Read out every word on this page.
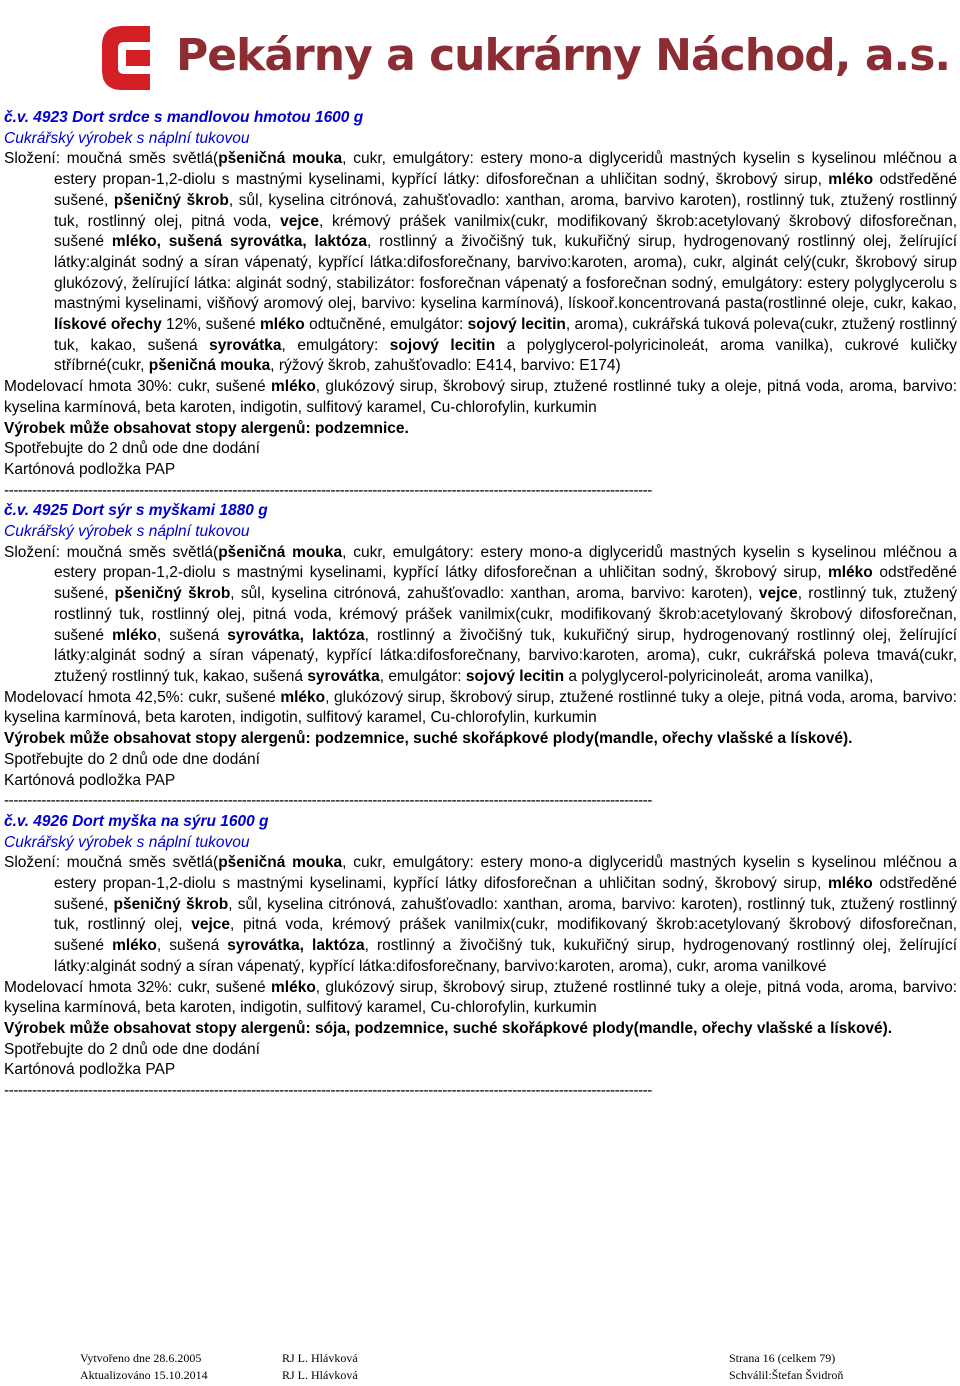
Pekárny a cukrárny Náchod, a.s.
č.v. 4923 Dort srdce s mandlovou hmotou 1600 g
Cukrářský výrobek s náplní tukovou
Složení: moučná směs světlá(pšeničná mouka, cukr, emulgátory: estery mono-a diglyceridů mastných kyselin s kyselinou mléčnou a estery propan-1,2-diolu s mastnými kyselinami, kypřící látky: difosforečnan a uhličitan sodný, škrobový sirup, mléko odstředěné sušené, pšeničný škrob, sůl, kyselina citrónová, zahušťovadlo: xanthan, aroma, barvivo karoten), rostlinný tuk, ztužený rostlinný tuk, rostlinný olej, pitná voda, vejce, krémový prášek vanilmix(cukr, modifikovaný škrob:acetylovaný škrobový difosforečnan, sušené mléko, sušená syrovátka, laktóza, rostlinný a živočišný tuk, kukuřičný sirup, hydrogenovaný rostlinný olej, želírující látky:alginát sodný a síran vápenatý, kypřící látka:difosforečnany, barvivo:karoten, aroma), cukr, alginát celý(cukr, škrobový sirup glukózový, želírující látka: alginát sodný, stabilizátor: fosforečnan vápenatý a fosforečnan sodný, emulgátory: estery polyglycerolu s mastnými kyselinami, višňový aromový olej, barvivo: kyselina karmínová), lískooř.koncentrovaná pasta(rostlinné oleje, cukr, kakao, lískové ořechy 12%, sušené mléko odtučněné, emulgátor: sojový lecitin, aroma), cukrářská tuková poleva(cukr, ztužený rostlinný tuk, kakao, sušená syrovátka, emulgátory: sojový lecitin a polyglycerol-polyricinoleát, aroma vanilka), cukrové kuličky stříbrné(cukr, pšeničná mouka, rýžový škrob, zahušťovadlo: E414, barvivo: E174)
Modelovací hmota 30%: cukr, sušené mléko, glukózový sirup, škrobový sirup, ztužené rostlinné tuky a oleje, pitná voda, aroma, barvivo: kyselina karmínová, beta karoten, indigotin, sulfitový karamel, Cu-chlorofylin, kurkumin
Výrobek může obsahovat stopy alergenů: podzemnice.
Spotřebujte do 2 dnů ode dne dodání
Kartónová podložka PAP
-------------------------------------------------------------------------------------------------------------------------------------------
č.v. 4925 Dort sýr s myškami 1880 g
Cukrářský výrobek s náplní tukovou
Složení: moučná směs světlá(pšeničná mouka, cukr, emulgátory: estery mono-a diglyceridů mastných kyselin s kyselinou mléčnou a estery propan-1,2-diolu s mastnými kyselinami, kypřící látky difosforečnan a uhličitan sodný, škrobový sirup, mléko odstředěné sušené, pšeničný škrob, sůl, kyselina citrónová, zahušťovadlo: xanthan, aroma, barvivo: karoten), vejce, rostlinný tuk, ztužený rostlinný tuk, rostlinný olej, pitná voda, krémový prášek vanilmix(cukr, modifikovaný škrob:acetylovaný škrobový difosforečnan, sušené mléko, sušená syrovátka, laktóza, rostlinný a živočišný tuk, kukuřičný sirup, hydrogenovaný rostlinný olej, želírující látky:alginát sodný a síran vápenatý, kypřící látka:difosforečnany, barvivo:karoten, aroma), cukr, cukrářská poleva tmavá(cukr, ztužený rostlinný tuk, kakao, sušená syrovátka, emulgátor: sojový lecitin a polyglycerol-polyricinoleát, aroma vanilka),
Modelovací hmota 42,5%: cukr, sušené mléko, glukózový sirup, škrobový sirup, ztužené rostlinné tuky a oleje, pitná voda, aroma, barvivo: kyselina karmínová, beta karoten, indigotin, sulfitový karamel, Cu-chlorofylin, kurkumin
Výrobek může obsahovat stopy alergenů: podzemnice, suché skořápkové plody(mandle, ořechy vlašské a lískové).
Spotřebujte do 2 dnů ode dne dodání
Kartónová podložka PAP
-------------------------------------------------------------------------------------------------------------------------------------------
č.v. 4926 Dort myška na sýru 1600 g
Cukrářský výrobek s náplní tukovou
Složení: moučná směs světlá(pšeničná mouka, cukr, emulgátory: estery mono-a diglyceridů mastných kyselin s kyselinou mléčnou a estery propan-1,2-diolu s mastnými kyselinami, kypřící látky difosforečnan a uhličitan sodný, škrobový sirup, mléko odstředěné sušené, pšeničný škrob, sůl, kyselina citrónová, zahušťovadlo: xanthan, aroma, barvivo: karoten), rostlinný tuk, ztužený rostlinný tuk, rostlinný olej, vejce, pitná voda, krémový prášek vanilmix(cukr, modifikovaný škrob:acetylovaný škrobový difosforečnan, sušené mléko, sušená syrovátka, laktóza, rostlinný a živočišný tuk, kukuřičný sirup, hydrogenovaný rostlinný olej, želírující látky:alginát sodný a síran vápenatý, kypřící látka:difosforečnany, barvivo:karoten, aroma), cukr, aroma vanilkové
Modelovací hmota 32%: cukr, sušené mléko, glukózový sirup, škrobový sirup, ztužené rostlinné tuky a oleje, pitná voda, aroma, barvivo: kyselina karmínová, beta karoten, indigotin, sulfitový karamel, Cu-chlorofylin, kurkumin
Výrobek může obsahovat stopy alergenů: sója, podzemnice, suché skořápkové plody(mandle, ořechy vlašské a lískové).
Spotřebujte do 2 dnů ode dne dodání
Kartónová podložka PAP
-------------------------------------------------------------------------------------------------------------------------------------------
Vytvořeno dne 28.6.2005	RJ L. Hlávková	Strana 16 (celkem 79)
Aktualizováno 15.10.2014	RJ L. Hlávková	Schválil:Štefan Švidroň
